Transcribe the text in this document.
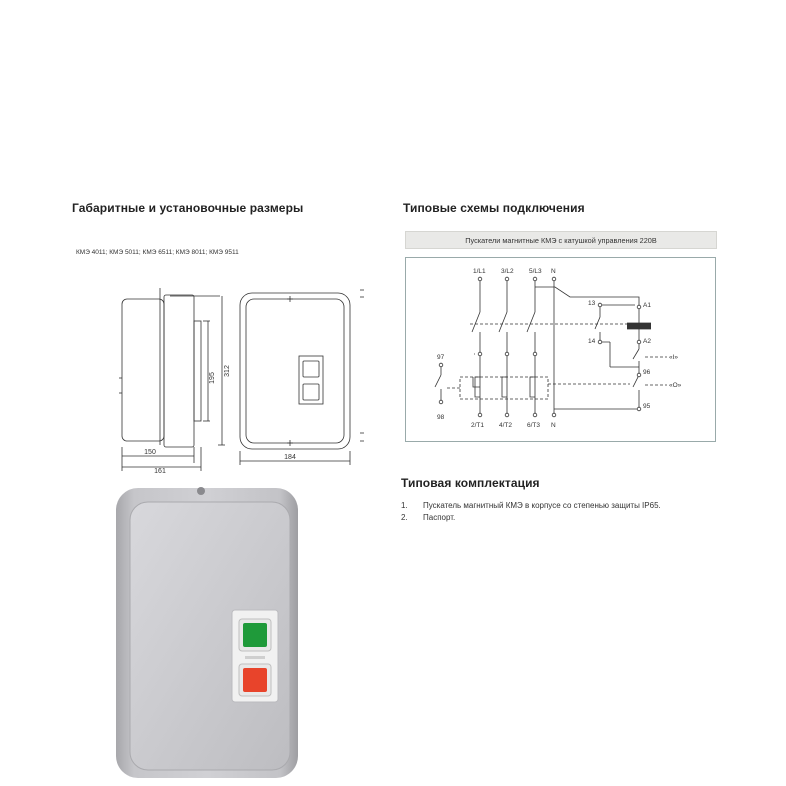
Габаритные и установочные размеры
КМЭ 4011; КМЭ 5011; КМЭ 6511; КМЭ 8011; КМЭ 9511
195
312
150
161
184
Типовые схемы подключения
Пускатели магнитные КМЭ с катушкой управления 220В
1/L1 3/L2 5/L3 N
2/T1 4/T2 6/T3 N
13
14
A1
A2
97
98
96
95
«I»
«O»
Типовая комплектация
1.	Пускатель магнитный КМЭ в корпусе со степенью защиты IP65.
2.	Паспорт.
